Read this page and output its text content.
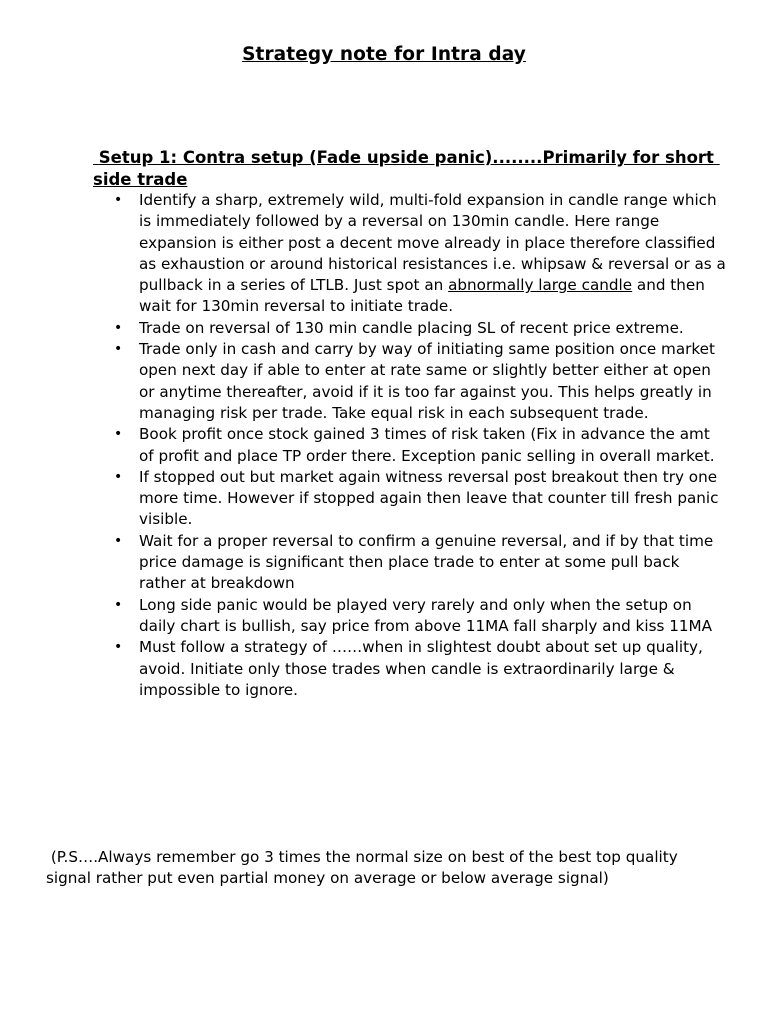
Strategy note for Intra day
Setup 1: Contra setup (Fade upside panic)........Primarily for short side trade
• Identify a sharp, extremely wild, multi-fold expansion in candle range which is immediately followed by a reversal on 130min candle. Here range expansion is either post a decent move already in place therefore classified as exhaustion or around historical resistances i.e. whipsaw & reversal or as a pullback in a series of LTLB. Just spot an abnormally large candle and then wait for 130min reversal to initiate trade.
• Trade on reversal of 130 min candle placing SL of recent price extreme.
• Trade only in cash and carry by way of initiating same position once market open next day if able to enter at rate same or slightly better either at open or anytime thereafter, avoid if it is too far against you. This helps greatly in managing risk per trade. Take equal risk in each subsequent trade.
• Book profit once stock gained 3 times of risk taken (Fix in advance the amt of profit and place TP order there. Exception panic selling in overall market.
• If stopped out but market again witness reversal post breakout then try one more time. However if stopped again then leave that counter till fresh panic visible.
• Wait for a proper reversal to confirm a genuine reversal, and if by that time price damage is significant then place trade to enter at some pull back rather at breakdown
• Long side panic would be played very rarely and only when the setup on daily chart is bullish, say price from above 11MA fall sharply and kiss 11MA
• Must follow a strategy of ……when in slightest doubt about set up quality, avoid. Initiate only those trades when candle is extraordinarily large & impossible to ignore.
(P.S….Always remember go 3 times the normal size on best of the best top quality signal rather put even partial money on average or below average signal)
